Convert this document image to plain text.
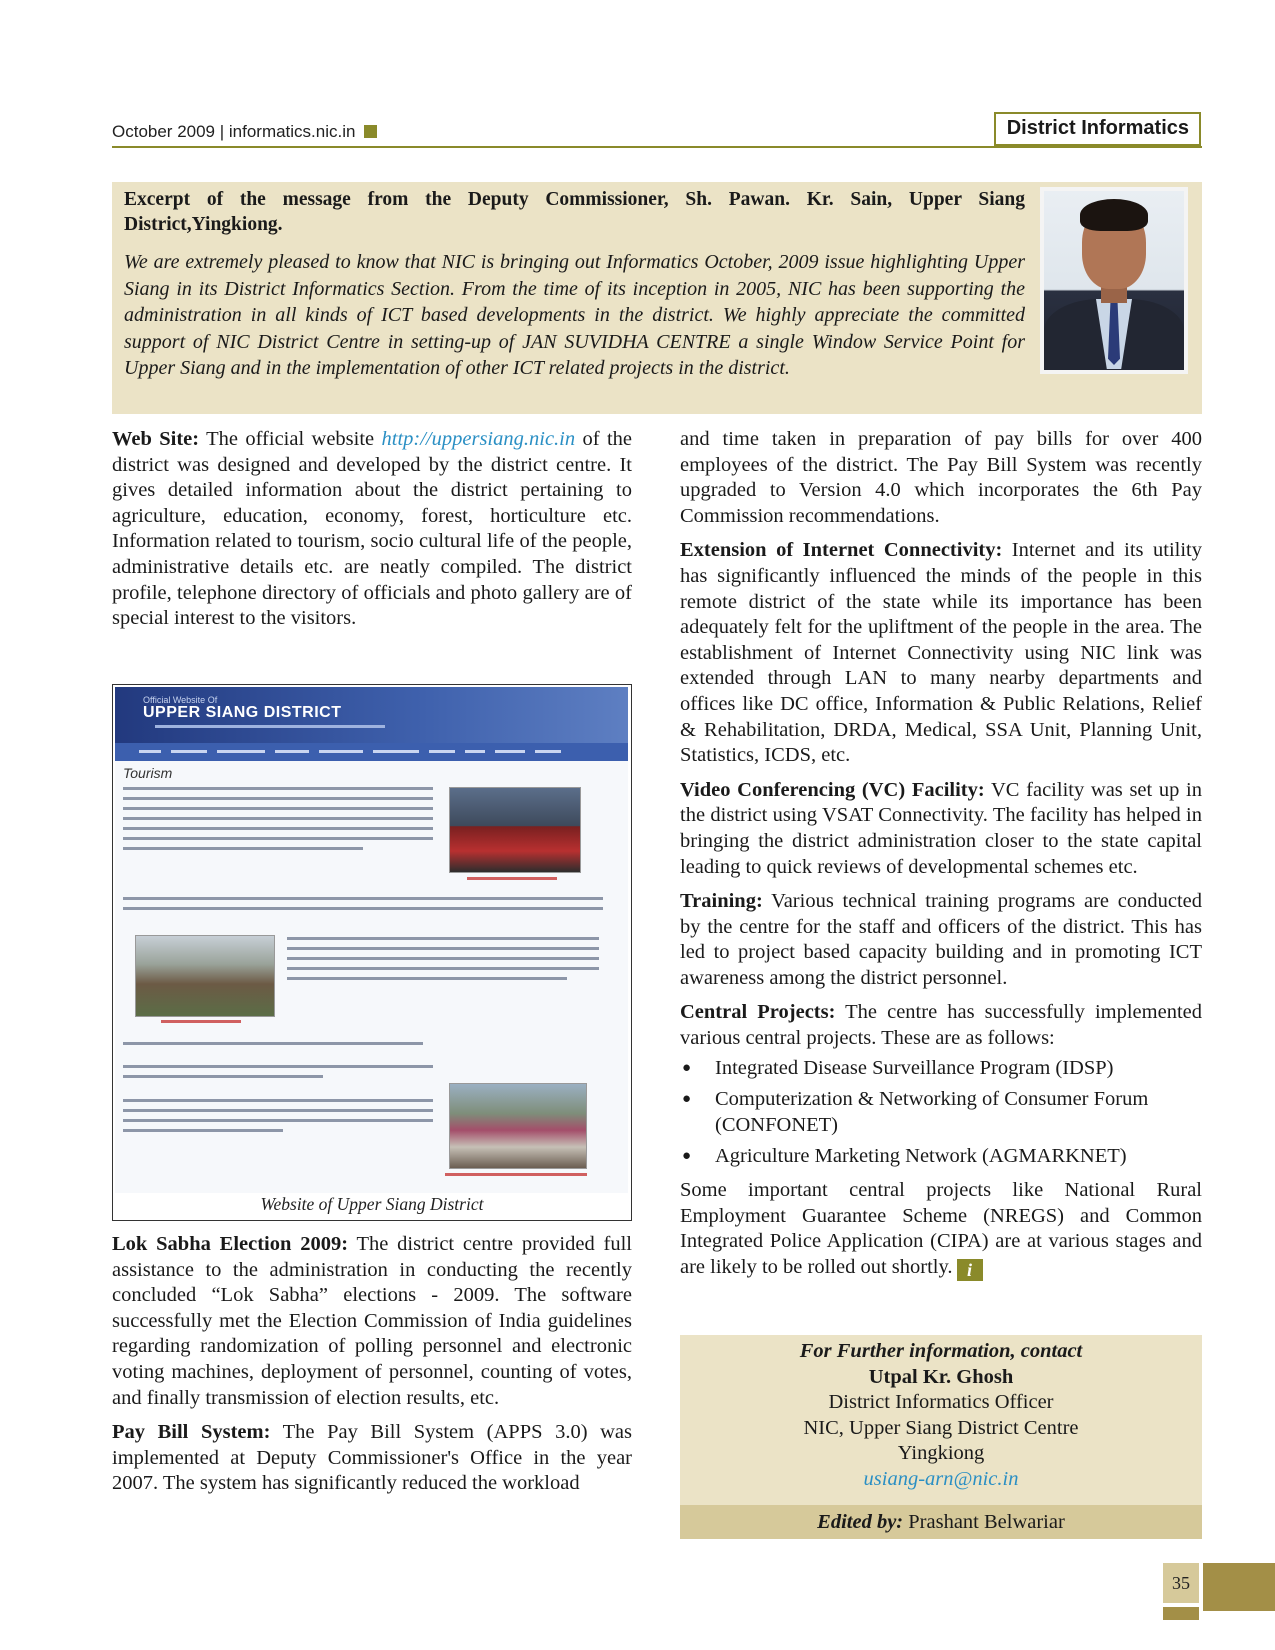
October 2009 | informatics.nic.in	District Informatics
Excerpt of the message from the Deputy Commissioner, Sh. Pawan. Kr. Sain, Upper Siang District,Yingkiong.
We are extremely pleased to know that NIC is bringing out Informatics October, 2009 issue highlighting Upper Siang in its District Informatics Section. From the time of its inception in 2005, NIC has been supporting the administration in all kinds of ICT based developments in the district. We highly appreciate the committed support of NIC District Centre in setting-up of JAN SUVIDHA CENTRE a single Window Service Point for Upper Siang and in the implementation of other ICT related projects in the district.

Web Site: The official website http://uppersiang.nic.in of the district was designed and developed by the district centre. It gives detailed information about the district pertaining to agriculture, education, economy, forest, horticulture etc. Information related to tourism, socio cultural life of the people, administrative details etc. are neatly compiled. The district profile, telephone directory of officials and photo gallery are of special interest to the visitors.

Official Website Of
UPPER SIANG DISTRICT
Tourism
Website of Upper Siang District

Lok Sabha Election 2009: The district centre provided full assistance to the administration in conducting the recently concluded “Lok Sabha” elections - 2009. The software successfully met the Election Commission of India guidelines regarding randomization of polling personnel and electronic voting machines, deployment of personnel, counting of votes, and finally transmission of election results, etc.

Pay Bill System: The Pay Bill System (APPS 3.0) was implemented at Deputy Commissioner's Office in the year 2007. The system has significantly reduced the workload

and time taken in preparation of pay bills for over 400 employees of the district. The Pay Bill System was recently upgraded to Version 4.0 which incorporates the 6th Pay Commission recommendations.

Extension of Internet Connectivity: Internet and its utility has significantly influenced the minds of the people in this remote district of the state while its importance has been adequately felt for the upliftment of the people in the area. The establishment of Internet Connectivity using NIC link was extended through LAN to many nearby departments and offices like DC office, Information & Public Relations, Relief & Rehabilitation, DRDA, Medical, SSA Unit, Planning Unit, Statistics, ICDS, etc.

Video Conferencing (VC) Facility: VC facility was set up in the district using VSAT Connectivity. The facility has helped in bringing the district administration closer to the state capital leading to quick reviews of developmental schemes etc.

Training: Various technical training programs are conducted by the centre for the staff and officers of the district. This has led to project based capacity building and in promoting ICT awareness among the district personnel.

Central Projects: The centre has successfully implemented various central projects. These are as follows:

● Integrated Disease Surveillance Program (IDSP)
● Computerization & Networking of Consumer Forum (CONFONET)
● Agriculture Marketing Network (AGMARKNET)

Some important central projects like National Rural Employment Guarantee Scheme (NREGS) and Common Integrated Police Application (CIPA) are at various stages and are likely to be rolled out shortly. i

For Further information, contact
Utpal Kr. Ghosh
District Informatics Officer
NIC, Upper Siang District Centre
Yingkiong
usiang-arn@nic.in
Edited by: Prashant Belwariar
35
